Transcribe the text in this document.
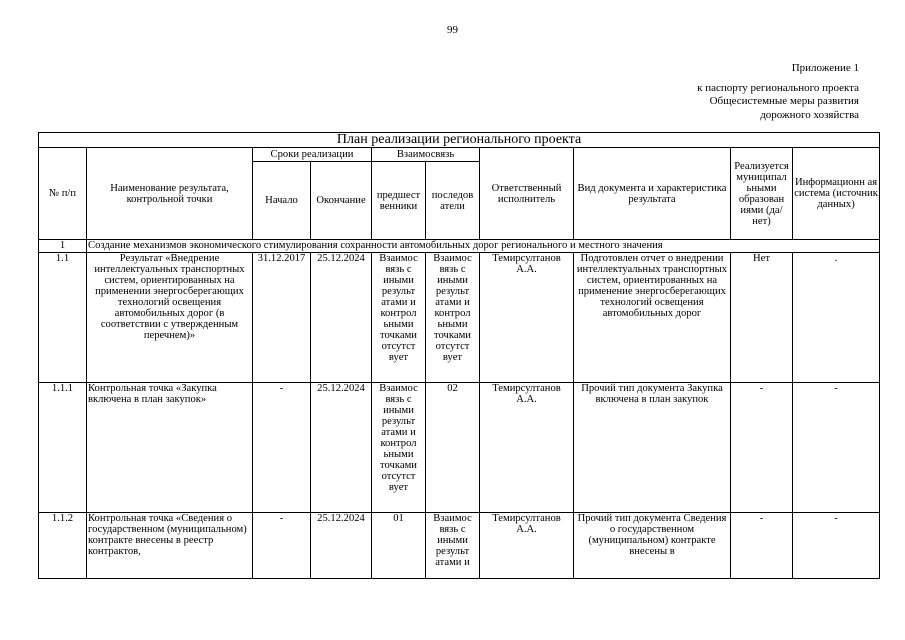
99
Приложение 1
к паспорту регионального проекта
Общесистемные меры развития
дорожного хозяйства
План реализации регионального проекта									
№ п/п	Наименование результата, контрольной точки	Сроки реализации		Взаимосвязь		Ответственный исполнитель	Вид документа и характеристика результата	Реализуется муниципал ьными образован иями (да/нет)	Информационн ая система (источник данных)
		Начало	Окончание	предшест венники	последов атели				
1	Создание механизмов экономического стимулирования сохранности автомобильных дорог регионального и местного значения								
1.1	Результат «Внедрение интеллектуальных транспортных систем, ориентированных на применении энергосберегающих технологий освещения автомобильных дорог (в соответствии с утвержденным перечнем)»	31.12.2017	25.12.2024	Взаимос вязь с иными результ атами и контрол ьными точками отсутст вует	Взаимос вязь с иными результ атами и контрол ьными точками отсутст вует	Темирсултанов А.А.	Подготовлен отчет о внедрении интеллектуальных транспортных систем, ориентированных на применение энергосберегающих технологий освещения автомобильных дорог	Нет	.
1.1.1	Контрольная точка «Закупка включена в план закупок»	-	25.12.2024	Взаимос вязь с иными результ атами и контрол ьными точками отсутст вует	02	Темирсултанов А.А.	Прочий тип документа Закупка включена в план закупок	-	-
1.1.2	Контрольная точка «Сведения о государственном (муниципальном) контракте внесены в реестр контрактов,	-	25.12.2024	01	Взаимос вязь с иными результ атами и	Темирсултанов А.А.	Прочий тип документа Сведения о государственном (муниципальном) контракте внесены в	-	-
